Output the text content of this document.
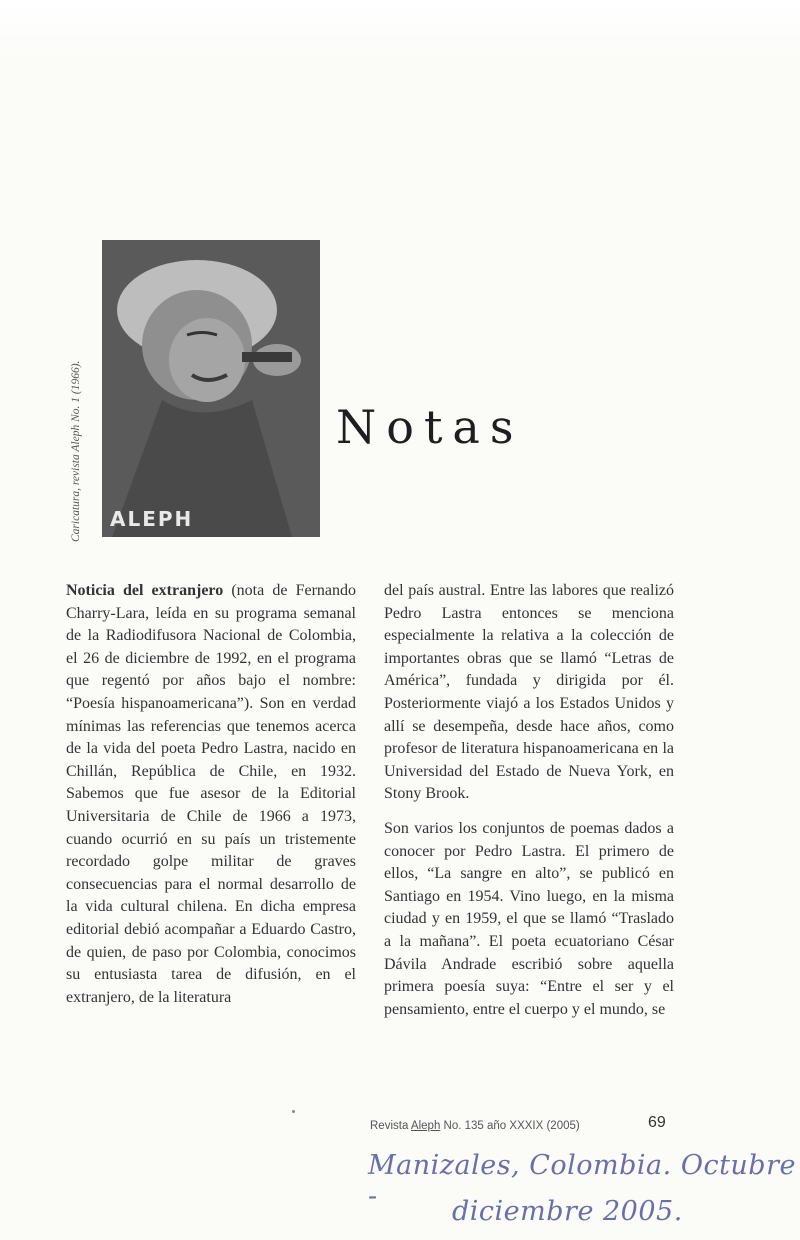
Caricatura, revista Aleph No. 1 (1966). ALEPH
Notas

Noticia del extranjero (nota de Fernando Charry-Lara, leída en su programa semanal de la Radiodifusora Nacional de Colombia, el 26 de diciembre de 1992, en el programa que regentó por años bajo el nombre: “Poesía hispanoamericana”). Son en verdad mínimas las referencias que tenemos acerca de la vida del poeta Pedro Lastra, nacido en Chillán, República de Chile, en 1932. Sabemos que fue asesor de la Editorial Universitaria de Chile de 1966 a 1973, cuando ocurrió en su país un tristemente recordado golpe militar de graves consecuencias para el normal desarrollo de la vida cultural chilena. En dicha empresa editorial debió acompañar a Eduardo Castro, de quien, de paso por Colombia, conocimos su entusiasta tarea de difusión, en el extranjero, de la literatura

del país austral. Entre las labores que realizó Pedro Lastra entonces se menciona especialmente la relativa a la colección de importantes obras que se llamó “Letras de América”, fundada y dirigida por él. Posteriormente viajó a los Estados Unidos y allí se desempeña, desde hace años, como profesor de literatura hispanoamericana en la Universidad del Estado de Nueva York, en Stony Brook.

Son varios los conjuntos de poemas dados a conocer por Pedro Lastra. El primero de ellos, “La sangre en alto”, se publicó en Santiago en 1954. Vino luego, en la misma ciudad y en 1959, el que se llamó “Traslado a la mañana”. El poeta ecuatoriano César Dávila Andrade escribió sobre aquella primera poesía suya: “Entre el ser y el pensamiento, entre el cuerpo y el mundo, se

Revista Aleph No. 135 año XXXIX (2005)	69
Manizales, Colombia. Octubre -	diciembre 2005.
